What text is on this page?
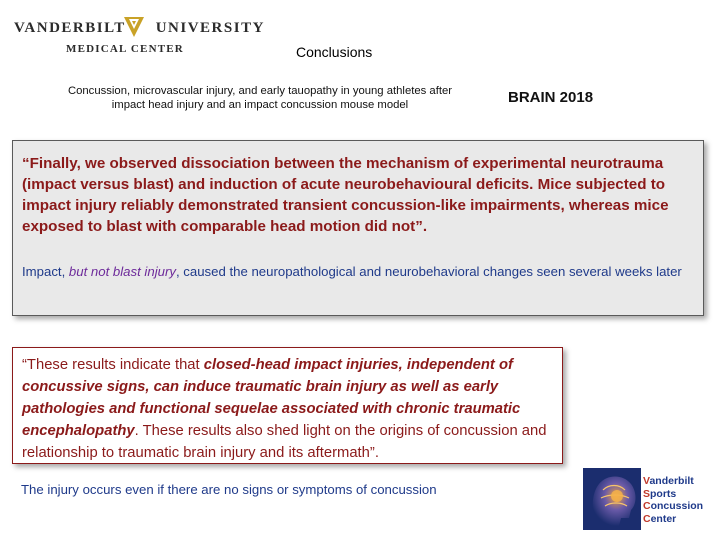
VANDERBILT UNIVERSITY
MEDICAL CENTER	Conclusions
Concussion, microvascular injury, and early tauopathy in young athletes after impact head injury and an impact concussion mouse model	BRAIN 2018
“Finally, we observed dissociation between the mechanism of experimental neurotrauma (impact versus blast) and induction of acute neurobehavioural deficits. Mice subjected to impact injury reliably demonstrated transient concussion-like impairments, whereas mice exposed to blast with comparable head motion did not”.
Impact, but not blast injury, caused the neuropathological and neurobehavioral changes seen several weeks later
“These results indicate that closed-head impact injuries, independent of concussive signs, can induce traumatic brain injury as well as early pathologies and functional sequelae associated with chronic traumatic encephalopathy. These results also shed light on the origins of concussion and relationship to traumatic brain injury and its aftermath”.
The injury occurs even if there are no signs or symptoms of concussion
Vanderbilt
Sports
Concussion
Center
